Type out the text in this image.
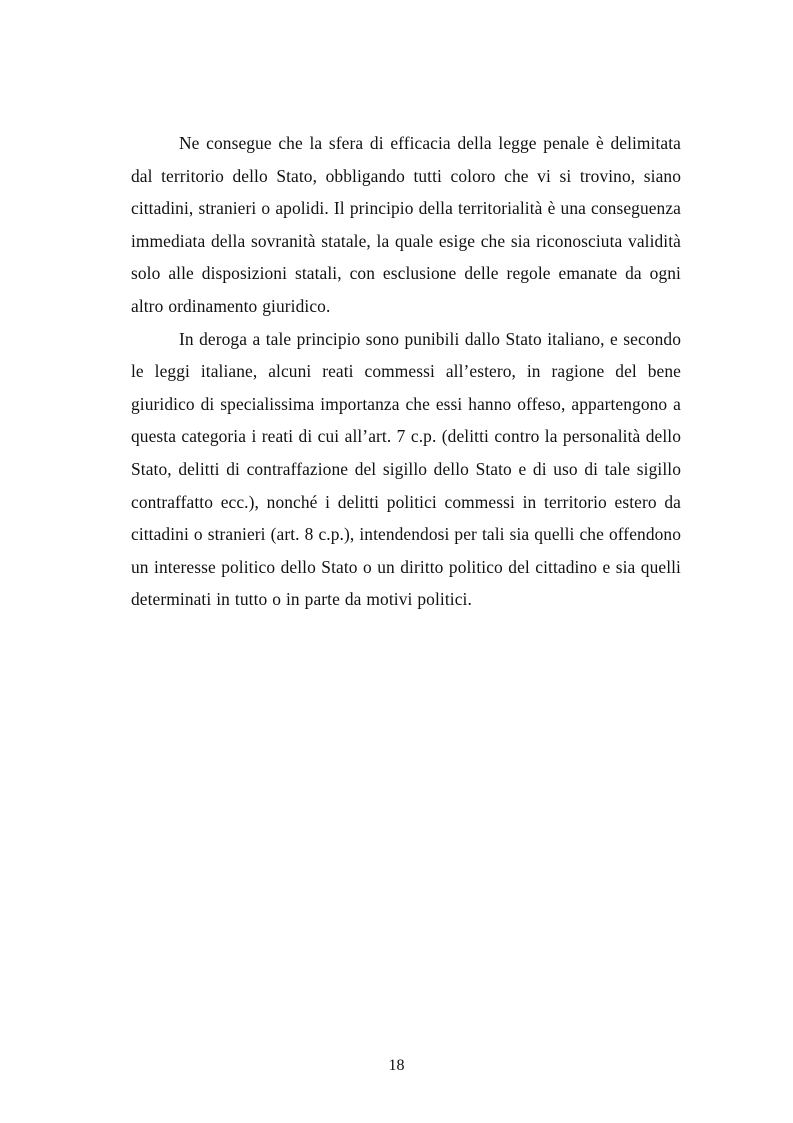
Ne consegue che la sfera di efficacia della legge penale è delimitata dal territorio dello Stato, obbligando tutti coloro che vi si trovino, siano cittadini, stranieri o apolidi. Il principio della territorialità è una conseguenza immediata della sovranità statale, la quale esige che sia riconosciuta validità solo alle disposizioni statali, con esclusione delle regole emanate da ogni altro ordinamento giuridico.

In deroga a tale principio sono punibili dallo Stato italiano, e secondo le leggi italiane, alcuni reati commessi all’estero, in ragione del bene giuridico di specialissima importanza che essi hanno offeso, appartengono a questa categoria i reati di cui all’art. 7 c.p. (delitti contro la personalità dello Stato, delitti di contraffazione del sigillo dello Stato e di uso di tale sigillo contraffatto ecc.), nonché i delitti politici commessi in territorio estero da cittadini o stranieri (art. 8 c.p.), intendendosi per tali sia quelli che offendono un interesse politico dello Stato o un diritto politico del cittadino e sia quelli determinati in tutto o in parte da motivi politici.

18
